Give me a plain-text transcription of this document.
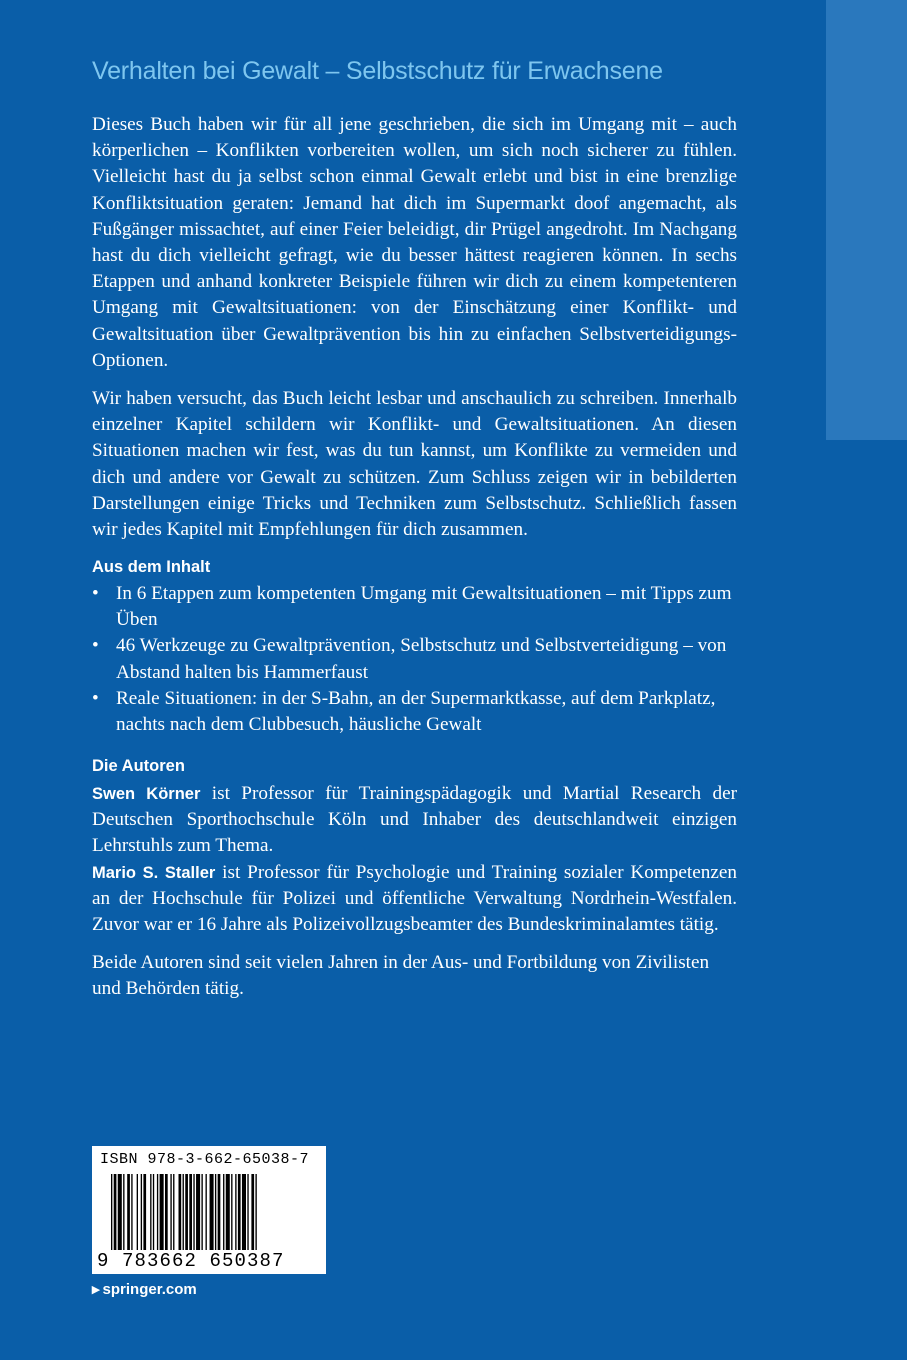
Verhalten bei Gewalt – Selbstschutz für Erwachsene

Dieses Buch haben wir für all jene geschrieben, die sich im Umgang mit – auch körperlichen – Konflikten vorbereiten wollen, um sich noch sicherer zu fühlen. Vielleicht hast du ja selbst schon einmal Gewalt erlebt und bist in eine brenzlige Konfliktsituation geraten: Jemand hat dich im Supermarkt doof angemacht, als Fußgänger missachtet, auf einer Feier beleidigt, dir Prügel angedroht. Im Nachgang hast du dich vielleicht gefragt, wie du besser hättest reagieren können. In sechs Etappen und anhand konkreter Beispiele führen wir dich zu einem kompetenteren Umgang mit Gewaltsituationen: von der Einschätzung einer Konflikt- und Gewaltsituation über Gewaltprävention bis hin zu einfachen Selbstverteidigungs-Optionen.

Wir haben versucht, das Buch leicht lesbar und anschaulich zu schreiben. Innerhalb einzelner Kapitel schildern wir Konflikt- und Gewaltsituationen. An diesen Situationen machen wir fest, was du tun kannst, um Konflikte zu vermeiden und dich und andere vor Gewalt zu schützen. Zum Schluss zeigen wir in bebilderten Darstellungen einige Tricks und Techniken zum Selbstschutz. Schließlich fassen wir jedes Kapitel mit Empfehlungen für dich zusammen.

Aus dem Inhalt
• In 6 Etappen zum kompetenten Umgang mit Gewaltsituationen – mit Tipps zum Üben
• 46 Werkzeuge zu Gewaltprävention, Selbstschutz und Selbstverteidigung – von Abstand halten bis Hammerfaust
• Reale Situationen: in der S-Bahn, an der Supermarktkasse, auf dem Parkplatz, nachts nach dem Clubbesuch, häusliche Gewalt
Die Autoren

Swen Körner ist Professor für Trainingspädagogik und Martial Research der Deutschen Sporthochschule Köln und Inhaber des deutschlandweit einzigen Lehrstuhls zum Thema.

Mario S. Staller ist Professor für Psychologie und Training sozialer Kompetenzen an der Hochschule für Polizei und öffentliche Verwaltung Nordrhein-Westfalen. Zuvor war er 16 Jahre als Polizeivollzugsbeamter des Bundeskriminalamtes tätig.

Beide Autoren sind seit vielen Jahren in der Aus- und Fortbildung von Zivilisten und Behörden tätig.

ISBN 978-3-662-65038-7
9 783662 650387
▸ springer.com
